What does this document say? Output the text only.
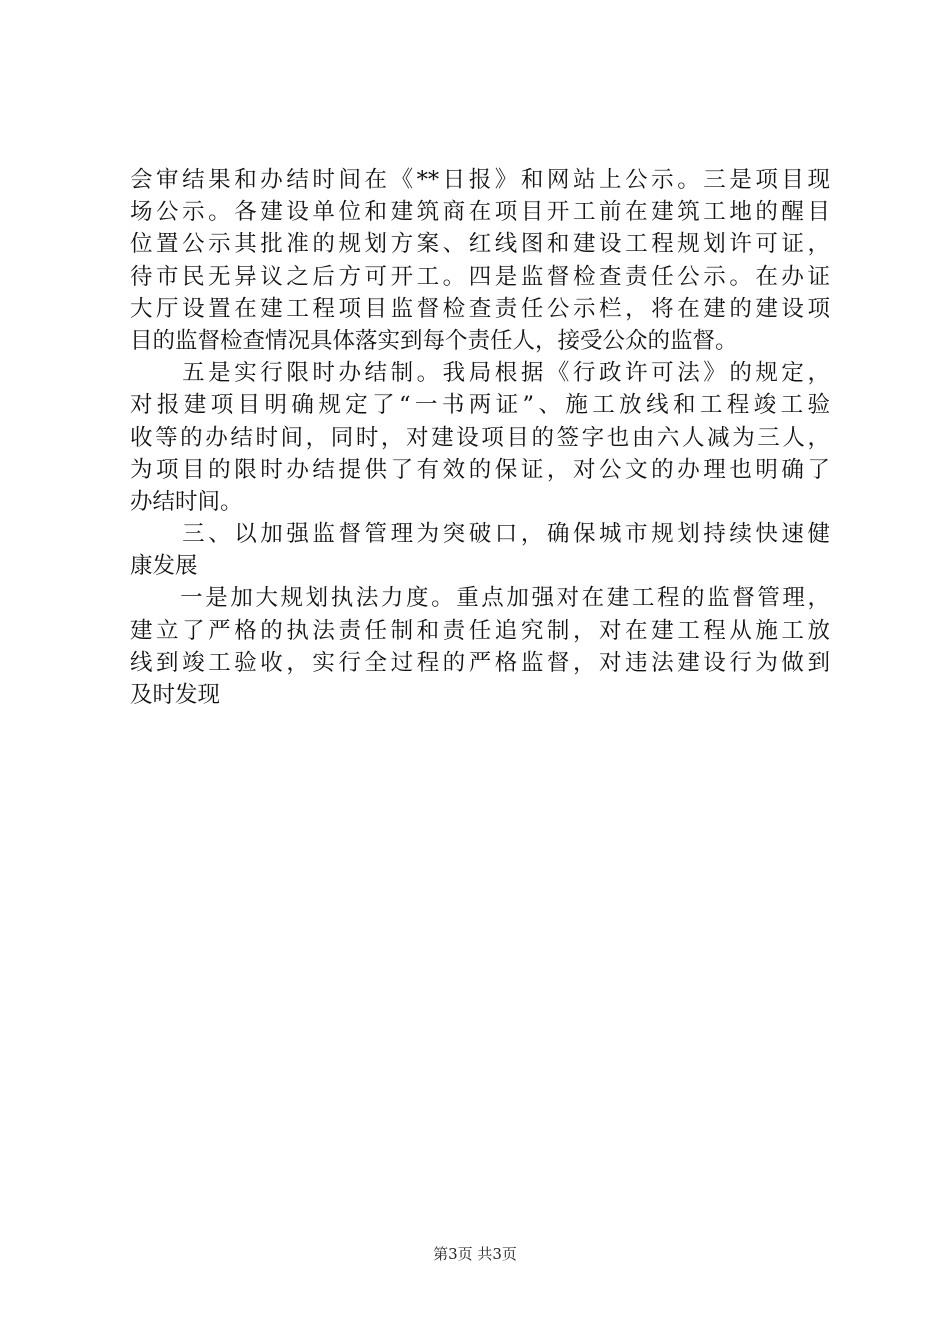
会审结果和办结时间在《**日报》和网站上公示。三是项目现
场公示。各建设单位和建筑商在项目开工前在建筑工地的醒目
位置公示其批准的规划方案、红线图和建设工程规划许可证，
待市民无异议之后方可开工。四是监督检查责任公示。在办证
大厅设置在建工程项目监督检查责任公示栏，将在建的建设项
目的监督检查情况具体落实到每个责任人，接受公众的监督。
　　五是实行限时办结制。我局根据《行政许可法》的规定，
对报建项目明确规定了“一书两证”、施工放线和工程竣工验
收等的办结时间，同时，对建设项目的签字也由六人减为三人，
为项目的限时办结提供了有效的保证，对公文的办理也明确了
办结时间。
　　三、以加强监督管理为突破口，确保城市规划持续快速健
康发展
　　一是加大规划执法力度。重点加强对在建工程的监督管理，
建立了严格的执法责任制和责任追究制，对在建工程从施工放
线到竣工验收，实行全过程的严格监督，对违法建设行为做到
及时发现
第3页 共3页
